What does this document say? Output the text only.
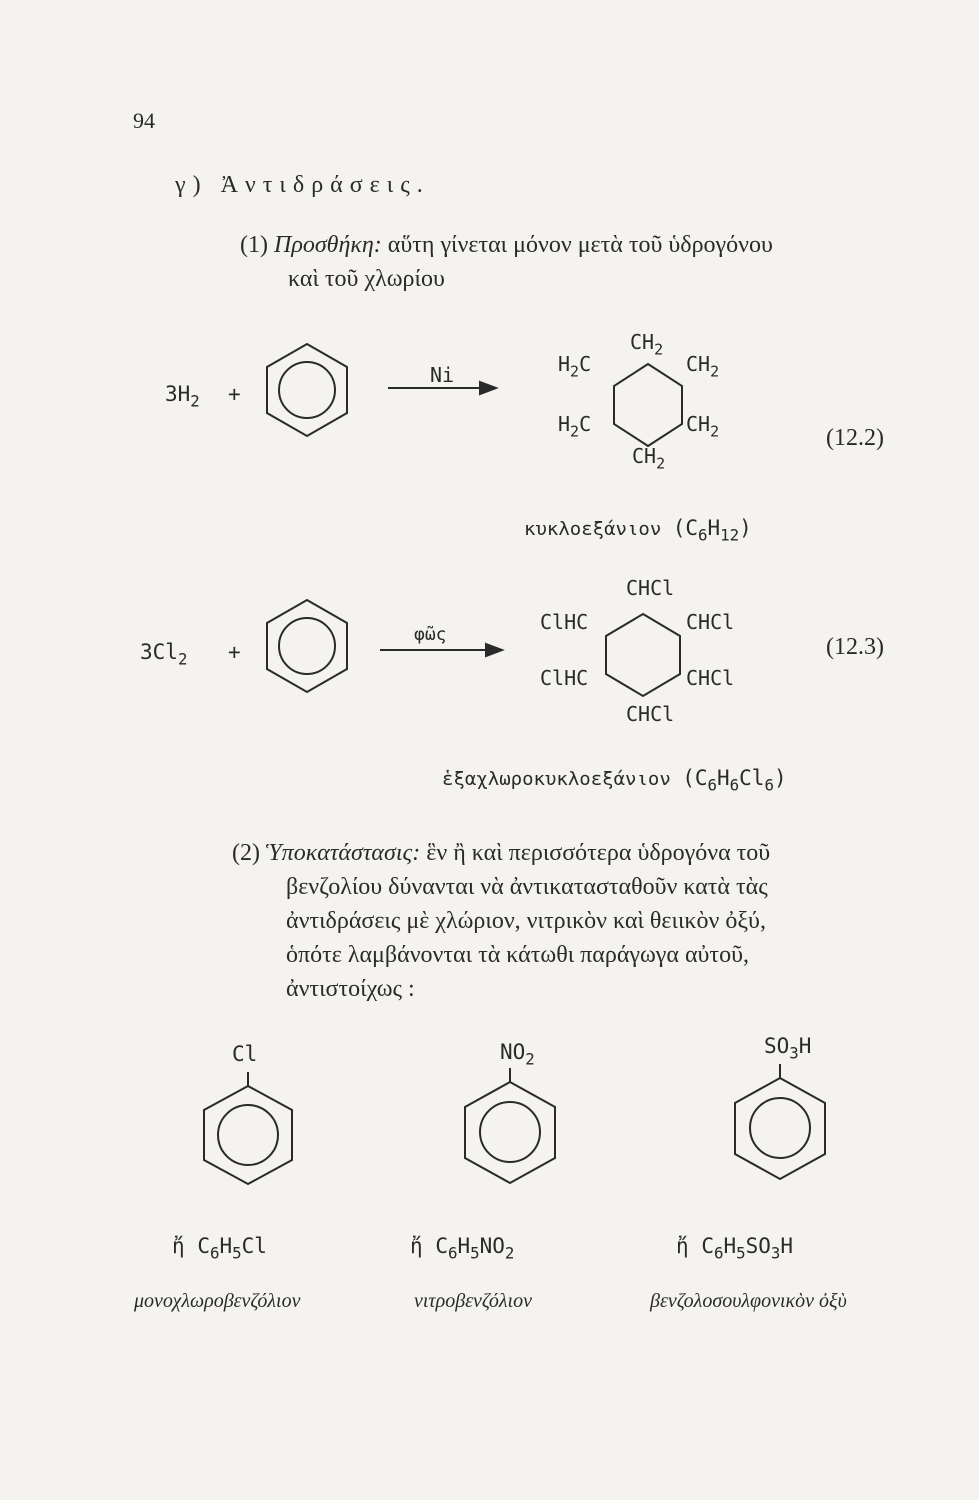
94
γ) Ἀντιδράσεις.
(1) Προσθήκη: αὕτη γίνεται μόνον μετὰ τοῦ ὑδρογόνου
καὶ τοῦ χλωρίου
$3H_2$ +
Ni
$CH_2$
$H_2C$	$CH_2$
$H_2C$	$CH_2$
$CH_2$
(12.2)
κυκλοεξάνιον $(C_6H_{12})$
$3Cl_2$ +
φῶς
CHCl
ClHC	CHCl
ClHC	CHCl
CHCl
(12.3)
ἑξαχλωροκυκλοεξάνιον $(C_6H_6Cl_6)$
(2) Ὑποκατάστασις: ἓν ἢ καὶ περισσότερα ὑδρογόνα τοῦ
βενζολίου δύνανται νὰ ἀντικατασταθοῦν κατὰ τὰς
ἀντιδράσεις μὲ χλώριον, νιτρικὸν καὶ θειικὸν ὀξύ,
ὁπότε λαμβάνονται τὰ κάτωθι παράγωγα αὐτοῦ,
ἀντιστοίχως :
Cl
ἤ $C_6H_5Cl$
μονοχλωροβενζόλιον
$NO_2$
ἤ $C_6H_5NO_2$
νιτροβενζόλιον
$SO_3H$
ἤ $C_6H_5SO_3H$
βενζολοσουλφονικὸν ὀξὺ
